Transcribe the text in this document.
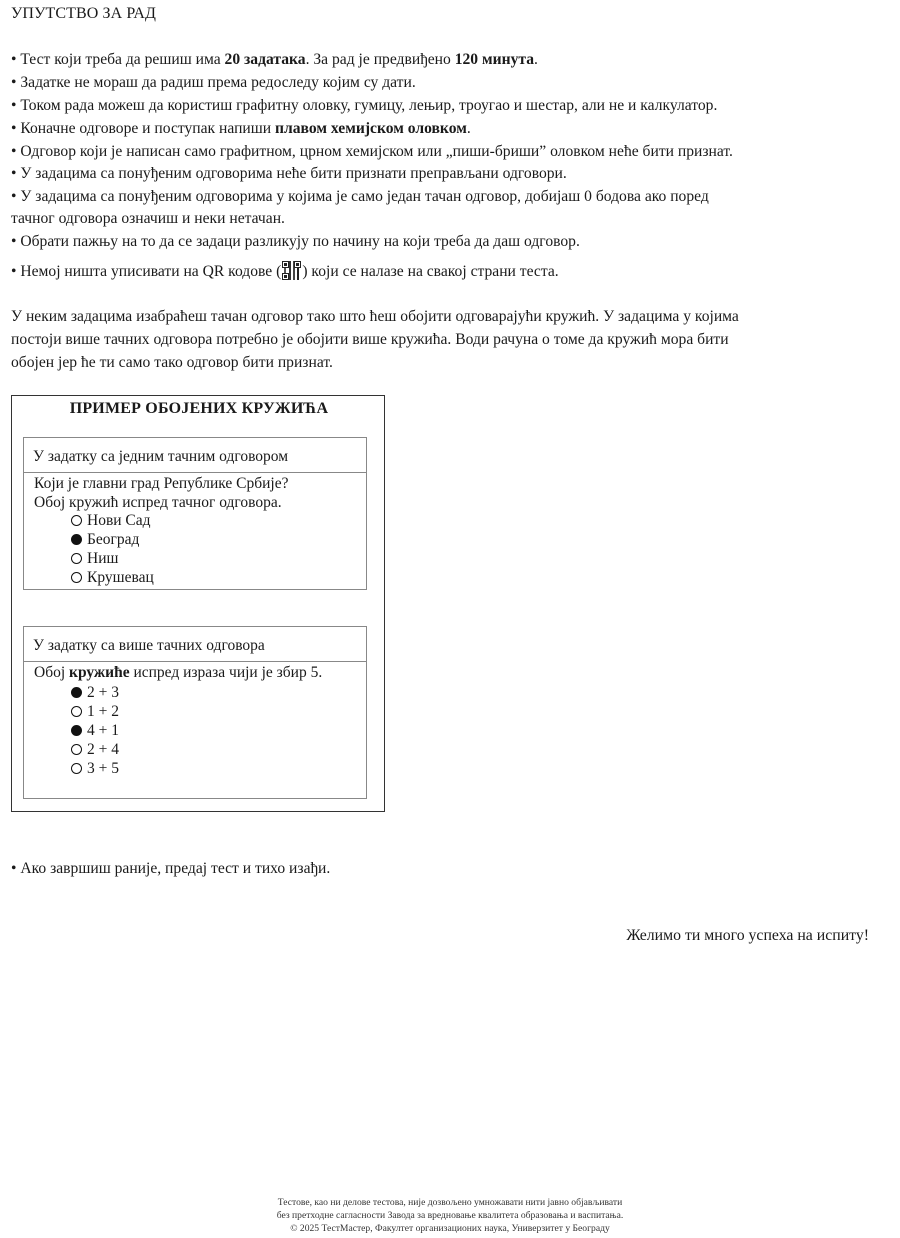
УПУТСТВО ЗА РАД
• Тест који треба да решиш има 20 задатака. За рад је предвиђено 120 минута.
• Задатке не мораш да радиш према редоследу којим су дати.
• Током рада можеш да користиш графитну оловку, гумицу, лењир, троугао и шестар, али не и калкулатор.
• Коначне одговоре и поступак напиши плавом хемијском оловком.
• Одговор који је написан само графитном, црном хемијском или „пиши-бриши” оловком неће бити признат.
• У задацима са понуђеним одговорима неће бити признати преправљани одговори.
• У задацима са понуђеним одговорима у којима је само један тачан одговор, добијаш 0 бодова ако поред
тачног одговора означиш и неки нетачан.
• Обрати пажњу на то да се задаци разликују по начину на који треба да даш одговор.
• Немој ништа уписивати на QR кодове ( ) који се налазе на свакој страни теста.
У неким задацима изабраћеш тачан одговор тако што ћеш обојити одговарајући кружић. У задацима у којима
постоји више тачних одговора потребно је обојити више кружића. Води рачуна о томе да кружић мора бити
обојен јер ће ти само тако одговор бити признат.
ПРИМЕР ОБОЈЕНИХ КРУЖИЋА
У задатку са једним тачним одговором
Који је главни град Републике Србије?
Обој кружић испред тачног одговора.
Нови Сад
Београд
Ниш
Крушевац
У задатку са више тачних одговора
Обој кружиће испред израза чији је збир 5.
2 + 3
1 + 2
4 + 1
2 + 4
3 + 5
• Ако завршиш раније, предај тест и тихо изађи.
Желимо ти много успеха на испиту!
Тестове, као ни делове тестова, није дозвољено умножавати нити јавно објављивати
без претходне сагласности Завода за вредновање квалитета образовања и васпитања.
© 2025 ТестМастер, Факултет организационих наука, Универзитет у Београду
